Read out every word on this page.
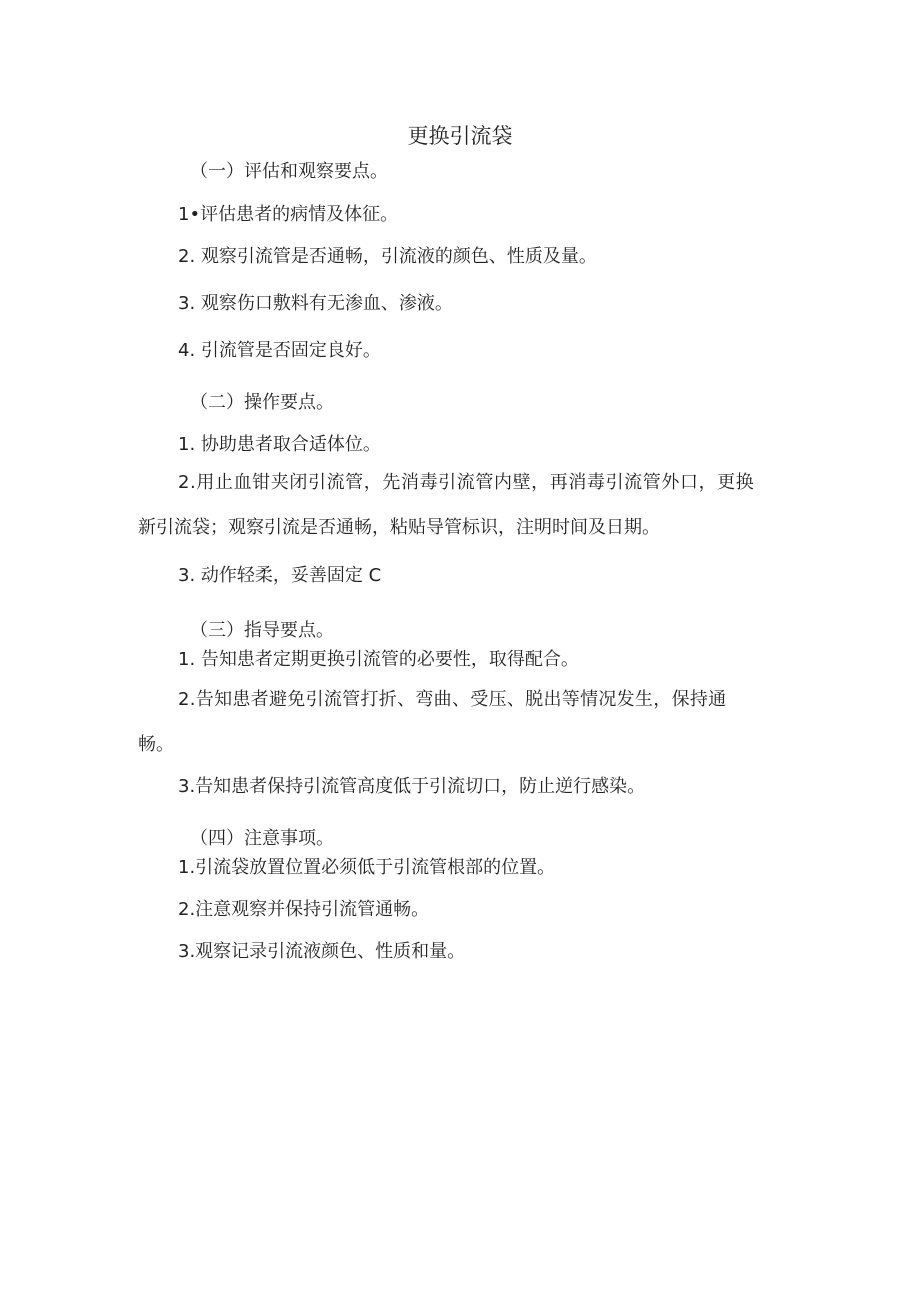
更换引流袋
（一）评估和观察要点。
1•评估患者的病情及体征。
2. 观察引流管是否通畅，引流液的颜色、性质及量。
3. 观察伤口敷料有无渗血、渗液。
4. 引流管是否固定良好。
（二）操作要点。
1. 协助患者取合适体位。
2.用止血钳夹闭引流管，先消毒引流管内壁，再消毒引流管外口，更换
新引流袋；观察引流是否通畅，粘贴导管标识，注明时间及日期。
3. 动作轻柔，妥善固定 C
（三）指导要点。
1. 告知患者定期更换引流管的必要性，取得配合。
2.告知患者避免引流管打折、弯曲、受压、脱出等情况发生，保持通
畅。
3.告知患者保持引流管高度低于引流切口，防止逆行感染。
（四）注意事项。
1.引流袋放置位置必须低于引流管根部的位置。
2.注意观察并保持引流管通畅。
3.观察记录引流液颜色、性质和量。
